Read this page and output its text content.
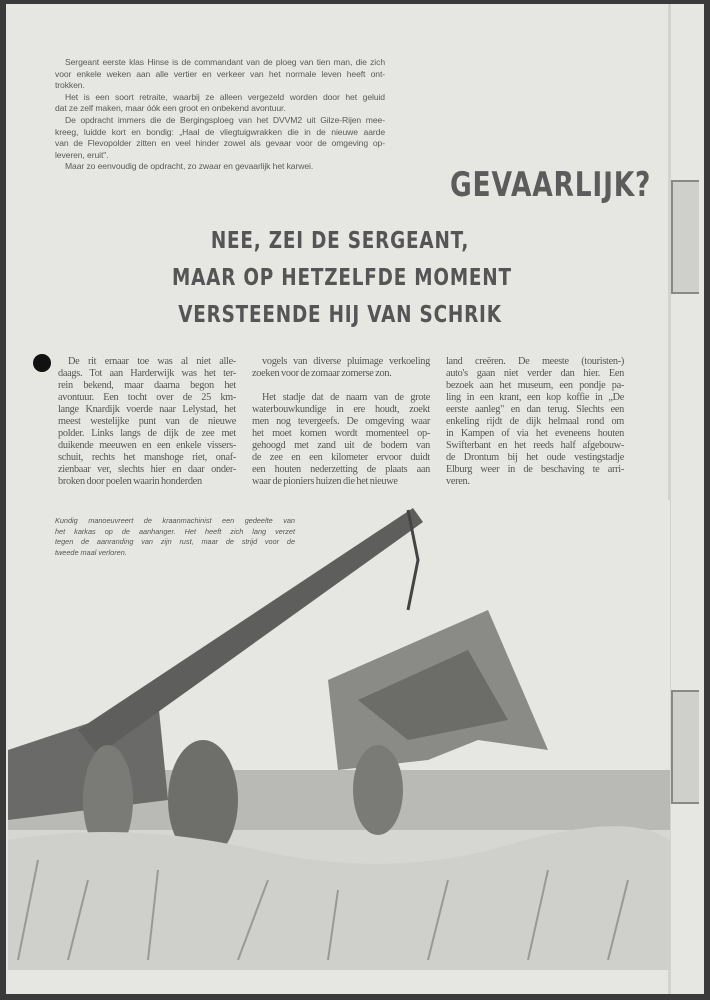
Sergeant eerste klas Hinse is de commandant van de ploeg van tien man, die zich
voor enkele weken aan alle vertier en verkeer van het normale leven heeft ont-
trokken.
Het is een soort retraite, waarbij ze alleen vergezeld worden door het geluid
dat ze zelf maken, maar óók een groot en onbekend avontuur.
De opdracht immers die de Bergingsploeg van het DVVM2 uit Gilze-Rijen mee-
kreeg, luidde kort en bondig: „Haal de vliegtuigwrakken die in de nieuwe aarde
van de Flevopolder zitten en veel hinder zowel als gevaar voor de omgeving op-
leveren, eruit".
Maar zo eenvoudig de opdracht, zo zwaar en gevaarlijk het karwei.	GEVAARLIJK?
NEE, ZEI DE SERGEANT,
MAAR OP HETZELFDE MOMENT
VERSTEENDE HIJ VAN SCHRIK
De rit ernaar toe was al niet alle-
daags. Tot aan Harderwijk was het ter-
rein bekend, maar daarna begon het
avontuur. Een tocht over de 25 km-
lange Knardijk voerde naar Lelystad, het
meest westelijke punt van de nieuwe
polder. Links langs de dijk de zee met
duikende meeuwen en een enkele vissers-
schuit, rechts het manshoge riet, onaf-
zienbaar ver, slechts hier en daar onder-
broken door poelen waarin honderden
vogels van diverse pluimage verkoeling
zoeken voor de zomaar zomerse zon.
Het stadje dat de naam van de grote
waterbouwkundige in ere houdt, zoekt
men nog tevergeefs. De omgeving waar
het moet komen wordt momenteel op-
gehoogd met zand uit de bodem van
de zee en een kilometer ervoor duidt
een houten nederzetting de plaats aan
waar de pioniers huizen die het nieuwe
land creëren. De meeste (touristen-)
auto's gaan niet verder dan hier. Een
bezoek aan het museum, een pondje pa-
ling in een krant, een kop koffie in „De
eerste aanleg" en dan terug. Slechts een
enkeling rijdt de dijk helmaal rond om
in Kampen of via het eveneens houten
Swifterbant en het reeds half afgebouw-
de Drontum bij het oude vestingstadje
Elburg weer in de beschaving te arri-
veren.
Kundig manoeuvreert de kraanmachinist een gedeelte van
het karkas op de aanhanger. Het heeft zich lang verzet
tegen de aanranding van zijn rust, maar de strijd voor de
tweede maal verloren.
